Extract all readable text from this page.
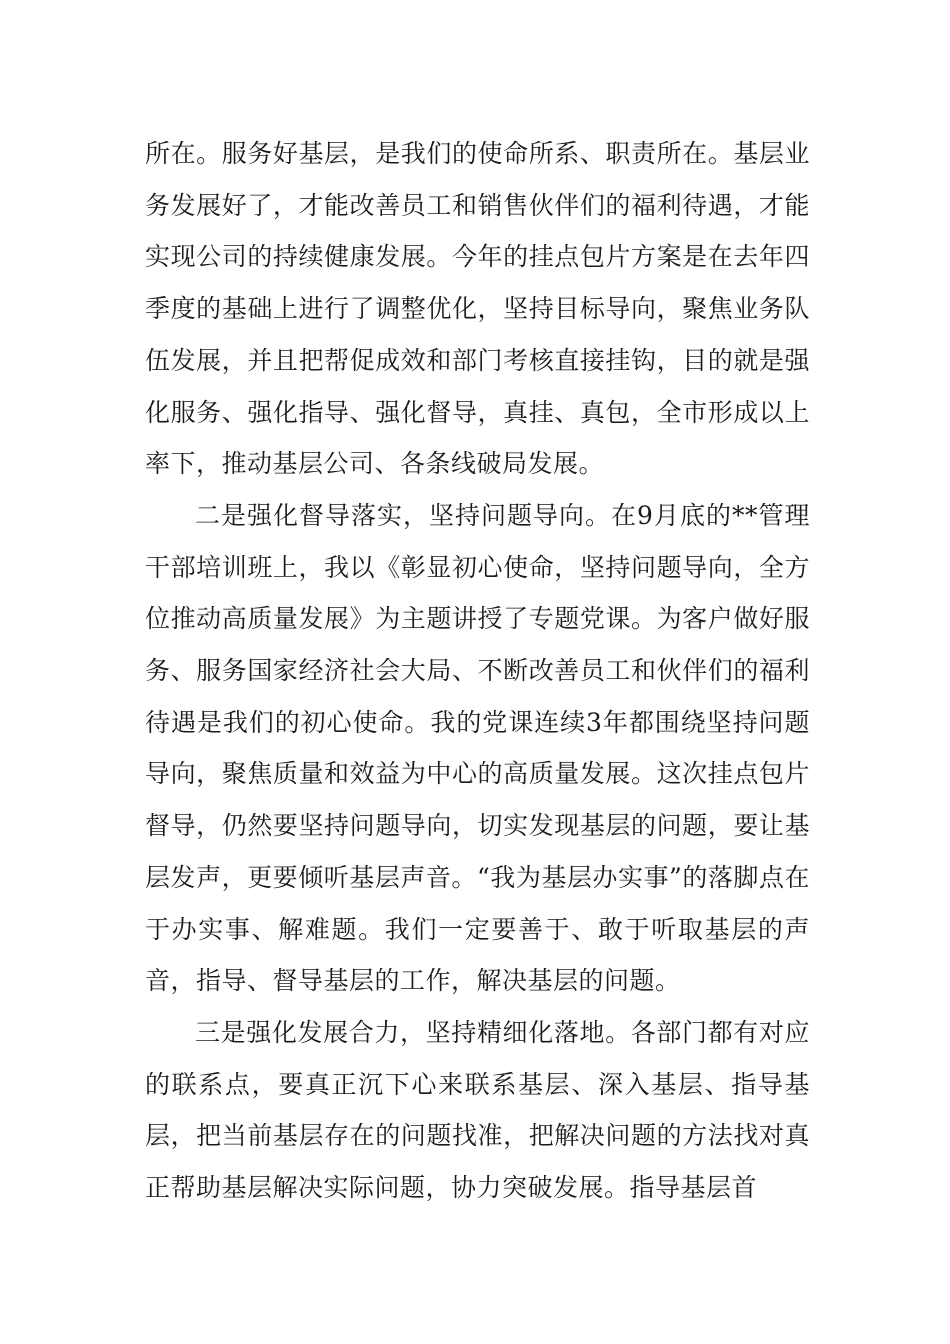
所在。服务好基层，是我们的使命所系、职责所在。基层业务发展好了，才能改善员工和销售伙伴们的福利待遇，才能实现公司的持续健康发展。今年的挂点包片方案是在去年四季度的基础上进行了调整优化，坚持目标导向，聚焦业务队伍发展，并且把帮促成效和部门考核直接挂钩，目的就是强化服务、强化指导、强化督导，真挂、真包，全市形成以上率下，推动基层公司、各条线破局发展。

二是强化督导落实，坚持问题导向。在9月底的**管理干部培训班上，我以《彰显初心使命，坚持问题导向，全方位推动高质量发展》为主题讲授了专题党课。为客户做好服务、服务国家经济社会大局、不断改善员工和伙伴们的福利待遇是我们的初心使命。我的党课连续3年都围绕坚持问题导向，聚焦质量和效益为中心的高质量发展。这次挂点包片督导，仍然要坚持问题导向，切实发现基层的问题，要让基层发声，更要倾听基层声音。“我为基层办实事”的落脚点在于办实事、解难题。我们一定要善于、敢于听取基层的声音，指导、督导基层的工作，解决基层的问题。

三是强化发展合力，坚持精细化落地。各部门都有对应的联系点，要真正沉下心来联系基层、深入基层、指导基层，把当前基层存在的问题找准，把解决问题的方法找对真正帮助基层解决实际问题，协力突破发展。指导基层首
